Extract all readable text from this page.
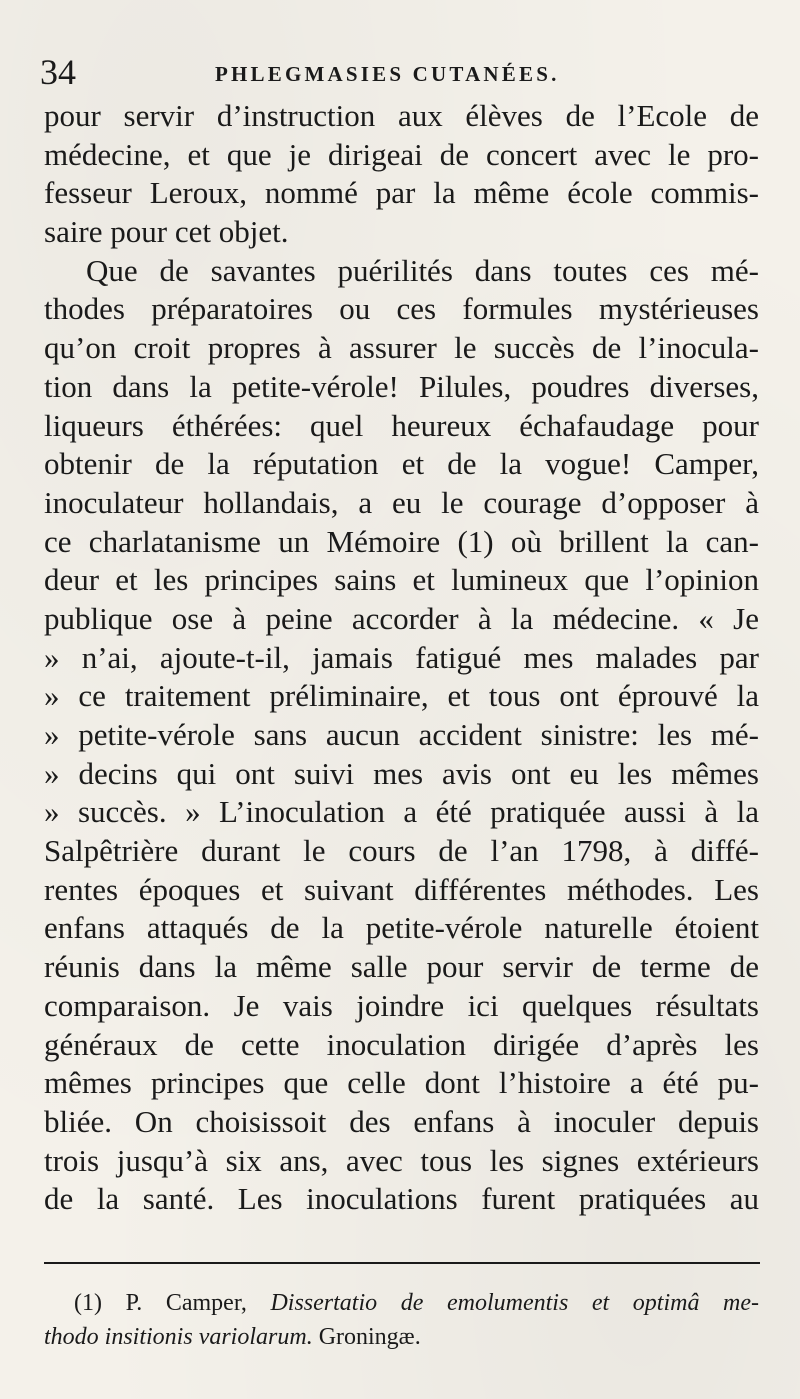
34	PHLEGMASIES CUTANÉES.
pour servir d’instruction aux élèves de l’Ecole de
médecine, et que je dirigeai de concert avec le pro-
fesseur Leroux, nommé par la même école commis-
saire pour cet objet.
Que de savantes puérilités dans toutes ces mé-
thodes préparatoires ou ces formules mystérieuses
qu’on croit propres à assurer le succès de l’inocula-
tion dans la petite-vérole! Pilules, poudres diverses,
liqueurs éthérées: quel heureux échafaudage pour
obtenir de la réputation et de la vogue! Camper,
inoculateur hollandais, a eu le courage d’opposer à
ce charlatanisme un Mémoire (1) où brillent la can-
deur et les principes sains et lumineux que l’opinion
publique ose à peine accorder à la médecine. « Je
» n’ai, ajoute-t-il, jamais fatigué mes malades par
» ce traitement préliminaire, et tous ont éprouvé la
» petite-vérole sans aucun accident sinistre: les mé-
» decins qui ont suivi mes avis ont eu les mêmes
» succès. » L’inoculation a été pratiquée aussi à la
Salpêtrière durant le cours de l’an 1798, à diffé-
rentes époques et suivant différentes méthodes. Les
enfans attaqués de la petite-vérole naturelle étoient
réunis dans la même salle pour servir de terme de
comparaison. Je vais joindre ici quelques résultats
généraux de cette inoculation dirigée d’après les
mêmes principes que celle dont l’histoire a été pu-
bliée. On choisissoit des enfans à inoculer depuis
trois jusqu’à six ans, avec tous les signes extérieurs
de la santé. Les inoculations furent pratiquées au
(1) P. Camper, Dissertatio de emolumentis et optimâ me-
thodo insitionis variolarum. Groningæ.
